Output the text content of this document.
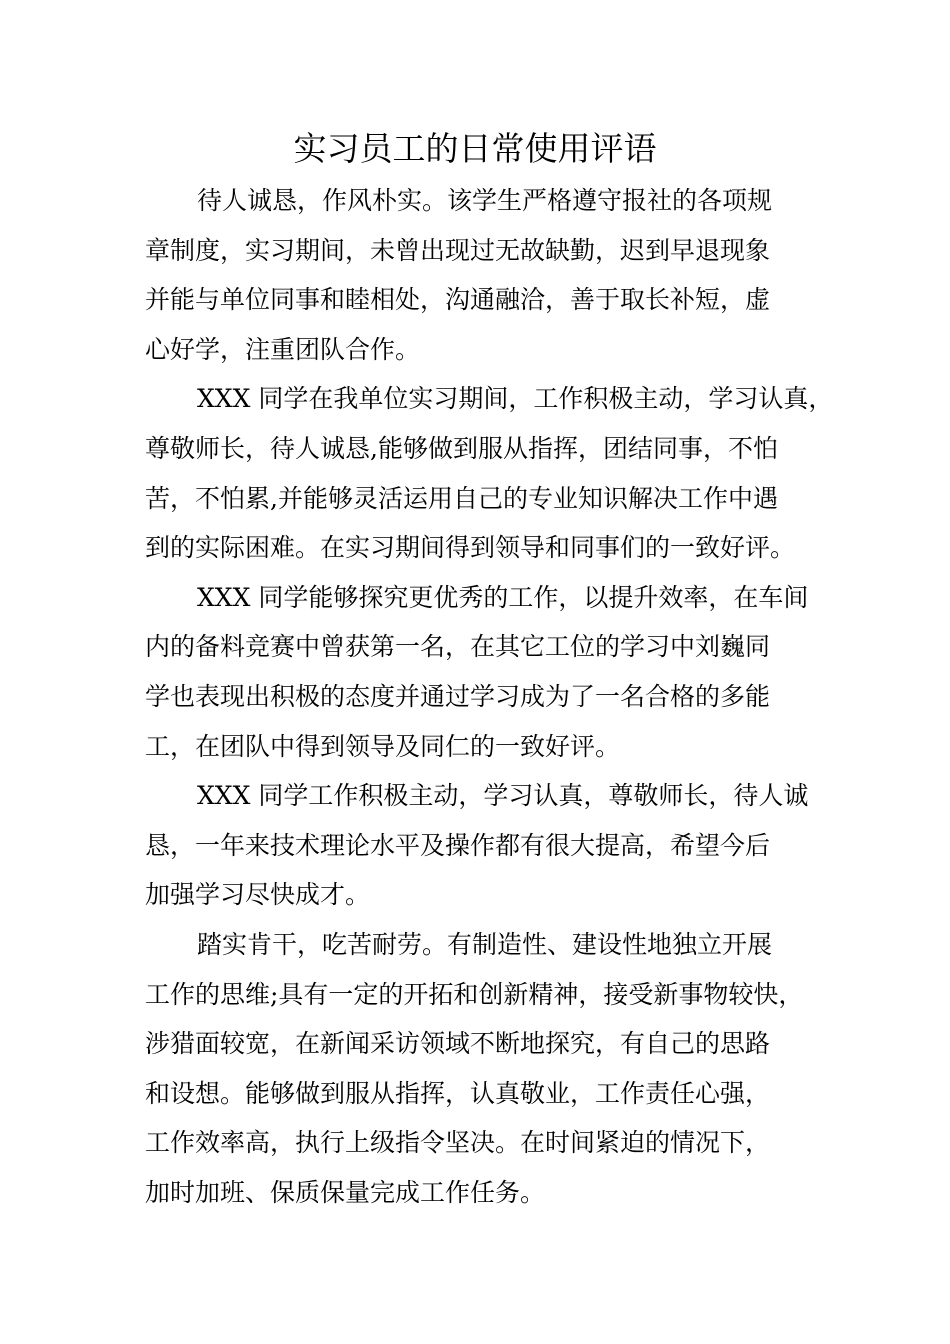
实习员工的日常使用评语
待人诚恳，作风朴实。该学生严格遵守报社的各项规
章制度，实习期间，未曾出现过无故缺勤，迟到早退现象
并能与单位同事和睦相处，沟通融洽，善于取长补短，虚
心好学，注重团队合作。
XXX 同学在我单位实习期间，工作积极主动，学习认真，
尊敬师长，待人诚恳,能够做到服从指挥，团结同事，不怕
苦，不怕累,并能够灵活运用自己的专业知识解决工作中遇
到的实际困难。在实习期间得到领导和同事们的一致好评。
XXX 同学能够探究更优秀的工作，以提升效率，在车间
内的备料竞赛中曾获第一名，在其它工位的学习中刘巍同
学也表现出积极的态度并通过学习成为了一名合格的多能
工，在团队中得到领导及同仁的一致好评。
XXX 同学工作积极主动，学习认真，尊敬师长，待人诚
恳，一年来技术理论水平及操作都有很大提高，希望今后
加强学习尽快成才。
踏实肯干，吃苦耐劳。有制造性、建设性地独立开展
工作的思维;具有一定的开拓和创新精神，接受新事物较快，
涉猎面较宽，在新闻采访领域不断地探究，有自己的思路
和设想。能够做到服从指挥，认真敬业，工作责任心强，
工作效率高，执行上级指令坚决。在时间紧迫的情况下，
加时加班、保质保量完成工作任务。
